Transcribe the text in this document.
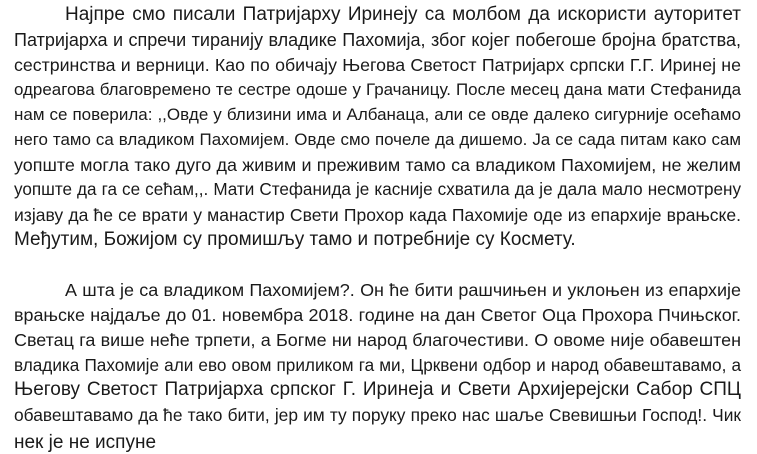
Најпре смо писали Патријарху Иринеју са молбом да искористи ауторитет
Патријарха и спречи тиранију владике Пахомија, због којег побегоше бројна братства,
сестринства и верници. Као по обичају Његова Светост Патријарх српски Г.Г. Иринеј не
одреагова благовремено те сестре одоше у Грачаницу. После месец дана мати Стефанида
нам се поверила: ,,Овде у близини има и Албанаца, али се овде далеко сигурније осећамо
него тамо са владиком Пахомијем. Овде смо почеле да дишемо. Ја се сада питам како сам
уопште могла тако дуго да живим и преживим тамо са владиком Пахомијем, не желим
уопште да га се сећам,,. Мати Стефанида је касније схватила да је дала мало несмотрену
изјаву да ће се врати у манастир Свети Прохор када Пахомије оде из епархије врањске.
Међутим, Божијом су промишљу тамо и потребније су Космету.
А шта је са владиком Пахомијем?. Он ће бити рашчињен и уклоњен из епархије
врањске најдаље до 01. новембра 2018. године на дан Светог Оца Прохора Пчињског.
Светац га више неће трпети, а Богме ни народ благочестиви. О овоме није обавештен
владика Пахомије али ево овом приликом га ми, Црквени одбор и народ обавештавамо, а
Његову Светост Патријарха српског Г. Иринеја и Свети Архијерејски Сабор СПЦ
обавештавамо да ће тако бити, јер им ту поруку преко нас шаље Свевишњи Господ!. Чик
нек је не испуне
